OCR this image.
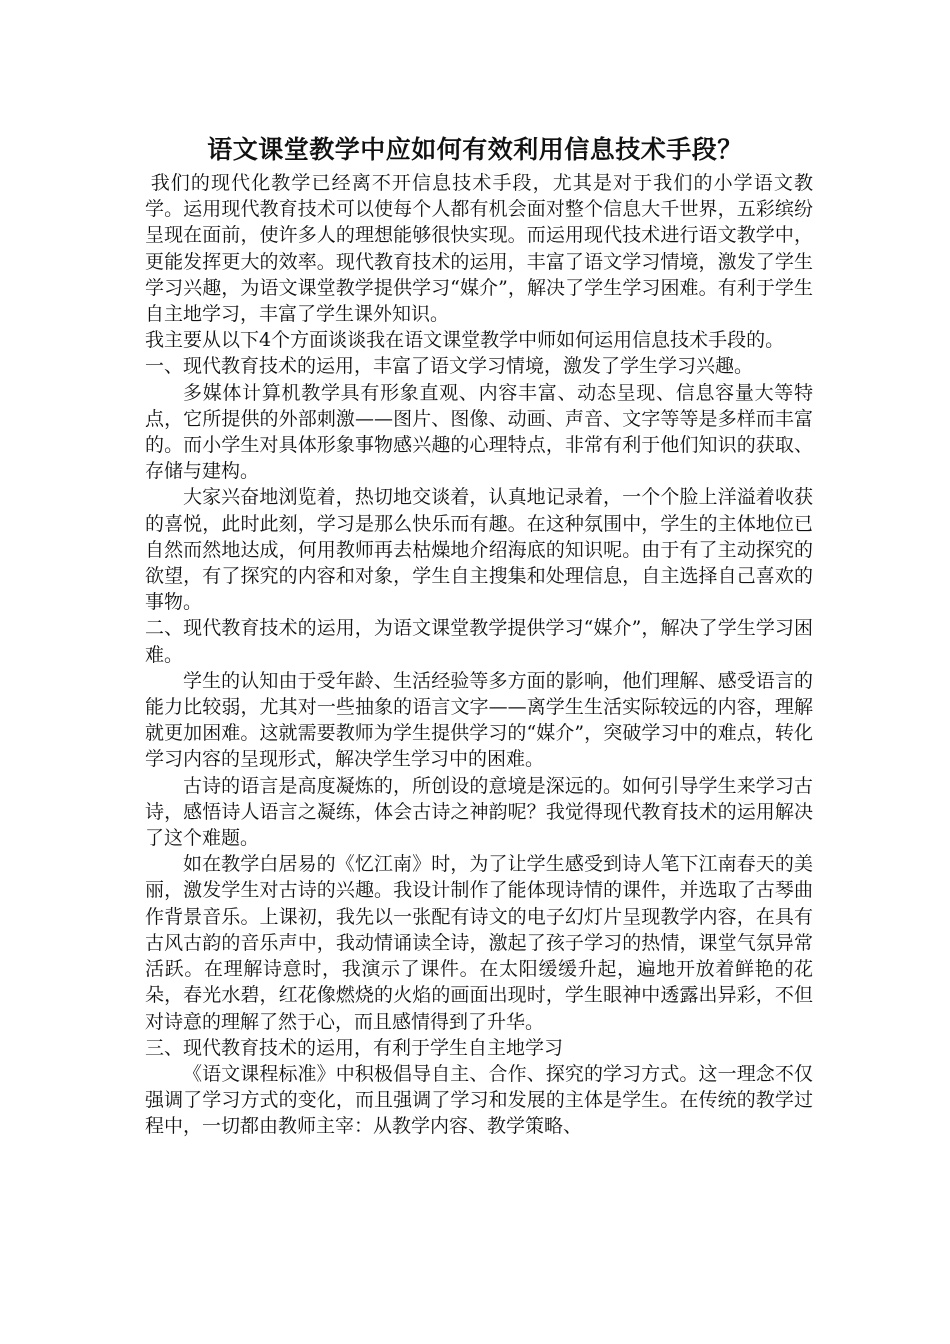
语文课堂教学中应如何有效利用信息技术手段？

我们的现代化教学已经离不开信息技术手段，尤其是对于我们的小学语文教学。运用现代教育技术可以使每个人都有机会面对整个信息大千世界，五彩缤纷呈现在面前，使许多人的理想能够很快实现。而运用现代技术进行语文教学中，更能发挥更大的效率。现代教育技术的运用，丰富了语文学习情境，激发了学生学习兴趣，为语文课堂教学提供学习“媒介”，解决了学生学习困难。有利于学生自主地学习，丰富了学生课外知识。

我主要从以下4个方面谈谈我在语文课堂教学中师如何运用信息技术手段的。

一、现代教育技术的运用，丰富了语文学习情境，激发了学生学习兴趣。

多媒体计算机教学具有形象直观、内容丰富、动态呈现、信息容量大等特点，它所提供的外部刺激——图片、图像、动画、声音、文字等等是多样而丰富的。而小学生对具体形象事物感兴趣的心理特点，非常有利于他们知识的获取、存储与建构。

大家兴奋地浏览着，热切地交谈着，认真地记录着，一个个脸上洋溢着收获的喜悦，此时此刻，学习是那么快乐而有趣。在这种氛围中，学生的主体地位已自然而然地达成，何用教师再去枯燥地介绍海底的知识呢。由于有了主动探究的欲望，有了探究的内容和对象，学生自主搜集和处理信息，自主选择自己喜欢的事物。

二、现代教育技术的运用，为语文课堂教学提供学习“媒介”，解决了学生学习困难。

学生的认知由于受年龄、生活经验等多方面的影响，他们理解、感受语言的能力比较弱，尤其对一些抽象的语言文字——离学生生活实际较远的内容，理解就更加困难。这就需要教师为学生提供学习的“媒介”，突破学习中的难点，转化学习内容的呈现形式，解决学生学习中的困难。

古诗的语言是高度凝炼的，所创设的意境是深远的。如何引导学生来学习古诗，感悟诗人语言之凝练，体会古诗之神韵呢？我觉得现代教育技术的运用解决了这个难题。

如在教学白居易的《忆江南》时，为了让学生感受到诗人笔下江南春天的美丽，激发学生对古诗的兴趣。我设计制作了能体现诗情的课件，并选取了古琴曲作背景音乐。上课初，我先以一张配有诗文的电子幻灯片呈现教学内容，在具有古风古韵的音乐声中，我动情诵读全诗，激起了孩子学习的热情，课堂气氛异常活跃。在理解诗意时，我演示了课件。在太阳缓缓升起，遍地开放着鲜艳的花朵，春光水碧，红花像燃烧的火焰的画面出现时，学生眼神中透露出异彩，不但对诗意的理解了然于心，而且感情得到了升华。

三、现代教育技术的运用，有利于学生自主地学习

《语文课程标准》中积极倡导自主、合作、探究的学习方式。这一理念不仅强调了学习方式的变化，而且强调了学习和发展的主体是学生。在传统的教学过程中，一切都由教师主宰：从教学内容、教学策略、
